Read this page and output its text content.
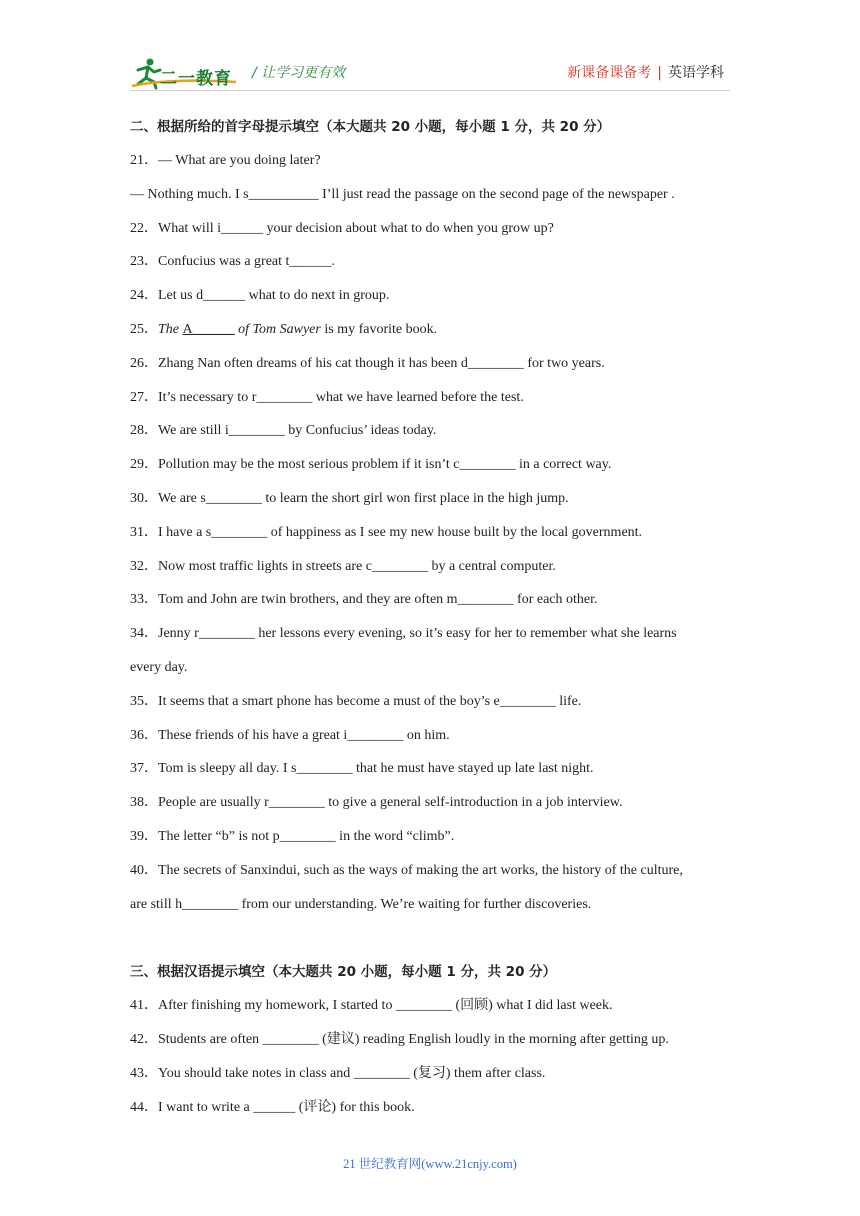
二一教育 / 让学习更有效	新课备课备考 | 英语学科
二、根据所给的首字母提示填空（本大题共 20 小题，每小题 1 分，共 20 分）
21．— What are you doing later?
— Nothing much. I s__________ I’ll just read the passage on the second page of the newspaper .
22．What will i______ your decision about what to do when you grow up?
23．Confucius was a great t______.
24．Let us d______ what to do next in group.
25．The A______ of Tom Sawyer is my favorite book.
26．Zhang Nan often dreams of his cat though it has been d________ for two years.
27．It’s necessary to r________ what we have learned before the test.
28．We are still i________ by Confucius’ ideas today.
29．Pollution may be the most serious problem if it isn’t c________ in a correct way.
30．We are s________ to learn the short girl won first place in the high jump.
31．I have a s________ of happiness as I see my new house built by the local government.
32．Now most traffic lights in streets are c________ by a central computer.
33．Tom and John are twin brothers, and they are often m________ for each other.
34．Jenny r________ her lessons every evening, so it’s easy for her to remember what she learns
every day.
35．It seems that a smart phone has become a must of the boy’s e________ life.
36．These friends of his have a great i________ on him.
37．Tom is sleepy all day. I s________ that he must have stayed up late last night.
38．People are usually r________ to give a general self-introduction in a job interview.
39．The letter “b” is not p________ in the word “climb”.
40．The secrets of Sanxindui, such as the ways of making the art works, the history of the culture,
are still h________ from our understanding. We’re waiting for further discoveries.
三、根据汉语提示填空（本大题共 20 小题，每小题 1 分，共 20 分）
41．After finishing my homework, I started to ________ (回顾) what I did last week.
42．Students are often ________ (建议) reading English loudly in the morning after getting up.
43．You should take notes in class and ________ (复习) them after class.
44．I want to write a ______ (评论) for this book.
21 世纪教育网(www.21cnjy.com)
